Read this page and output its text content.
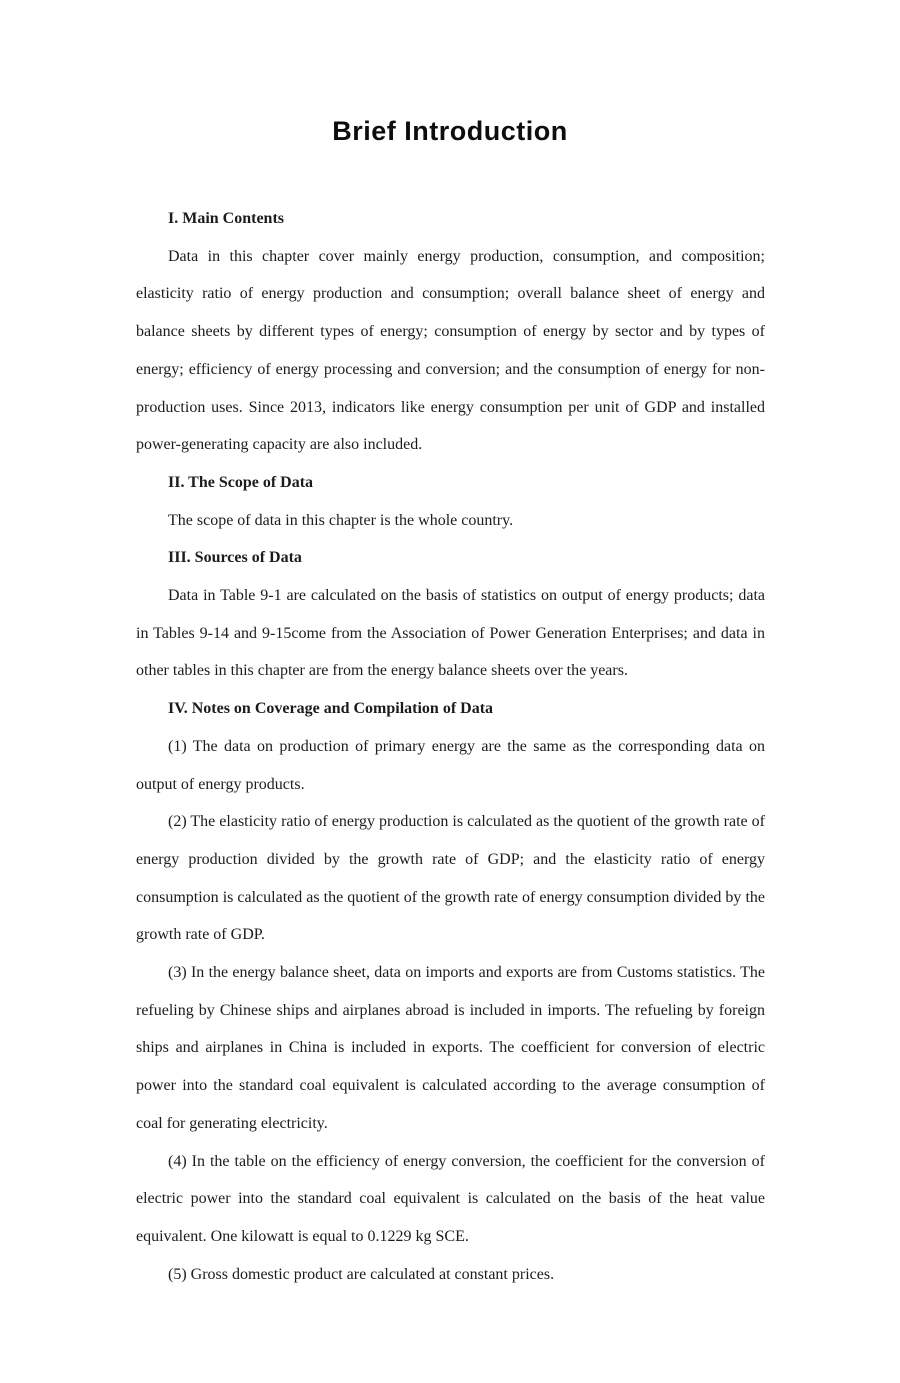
Brief Introduction

I. Main Contents

Data in this chapter cover mainly energy production, consumption, and composition; elasticity ratio of energy production and consumption; overall balance sheet of energy and balance sheets by different types of energy; consumption of energy by sector and by types of energy; efficiency of energy processing and conversion; and the consumption of energy for non-production uses. Since 2013, indicators like energy consumption per unit of GDP and installed power-generating capacity are also included.

II. The Scope of Data

The scope of data in this chapter is the whole country.

III. Sources of Data

Data in Table 9-1 are calculated on the basis of statistics on output of energy products; data in Tables 9-14 and 9-15come from the Association of Power Generation Enterprises; and data in other tables in this chapter are from the energy balance sheets over the years.

IV. Notes on Coverage and Compilation of Data

(1) The data on production of primary energy are the same as the corresponding data on output of energy products.

(2) The elasticity ratio of energy production is calculated as the quotient of the growth rate of energy production divided by the growth rate of GDP; and the elasticity ratio of energy consumption is calculated as the quotient of the growth rate of energy consumption divided by the growth rate of GDP.

(3) In the energy balance sheet, data on imports and exports are from Customs statistics. The refueling by Chinese ships and airplanes abroad is included in imports. The refueling by foreign ships and airplanes in China is included in exports. The coefficient for conversion of electric power into the standard coal equivalent is calculated according to the average consumption of coal for generating electricity.

(4) In the table on the efficiency of energy conversion, the coefficient for the conversion of electric power into the standard coal equivalent is calculated on the basis of the heat value equivalent. One kilowatt is equal to 0.1229 kg SCE.

(5) Gross domestic product are calculated at constant prices.
